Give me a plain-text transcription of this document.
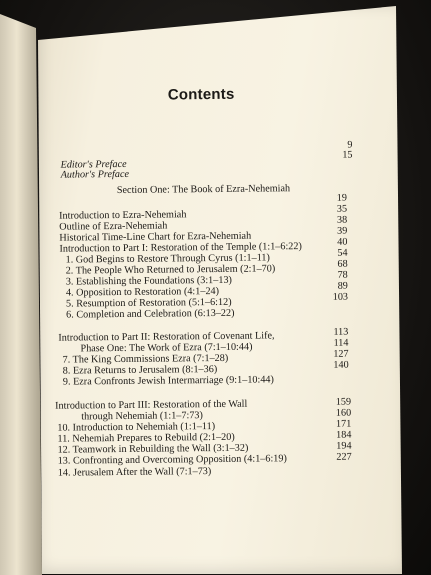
Contents
9
15
Editor's Preface
Author's Preface
Section One: The Book of Ezra-Nehemiah
19
35
38
39
40
54
68
78
89
103
Introduction to Ezra-Nehemiah
Outline of Ezra-Nehemiah
Historical Time-Line Chart for Ezra-Nehemiah
Introduction to Part I: Restoration of the Temple (1:1–6:22)
1. God Begins to Restore Through Cyrus (1:1–11)
2. The People Who Returned to Jerusalem (2:1–70)
3. Establishing the Foundations (3:1–13)
4. Opposition to Restoration (4:1–24)
5. Resumption of Restoration (5:1–6:12)
6. Completion and Celebration (6:13–22)
Introduction to Part II: Restoration of Covenant Life,
Phase One: The Work of Ezra (7:1–10:44)
7. The King Commissions Ezra (7:1–28)
8. Ezra Returns to Jerusalem (8:1–36)
9. Ezra Confronts Jewish Intermarriage (9:1–10:44)
113
114
127
140
Introduction to Part III: Restoration of the Wall
through Nehemiah (1:1–7:73)
10. Introduction to Nehemiah (1:1–11)
11. Nehemiah Prepares to Rebuild (2:1–20)
12. Teamwork in Rebuilding the Wall (3:1–32)
13. Confronting and Overcoming Opposition (4:1–6:19)
14. Jerusalem After the Wall (7:1–73)
159
160
171
184
194
227
